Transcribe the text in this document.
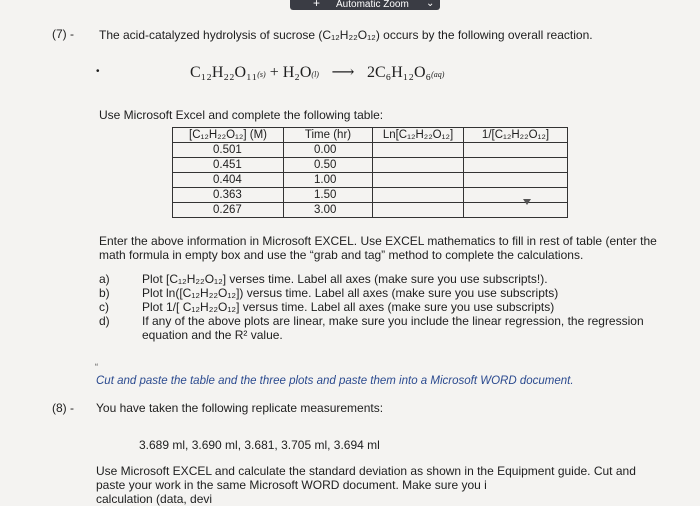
+ Automatic Zoom ⌄
(7) - The acid-catalyzed hydrolysis of sucrose (C₁₂H₂₂O₁₂) occurs by the following overall reaction.
•	C₁₂H₂₂O₁₁(s) + H₂O(l) ⟶ 2C₆H₁₂O₆(aq)
Use Microsoft Excel and complete the following table:
[C₁₂H₂₂O₁₂] (M)	Time (hr)	Ln[C₁₂H₂₂O₁₂]	1/[C₁₂H₂₂O₁₂]
0.501	0.00		
0.451	0.50		
0.404	1.00		
0.363	1.50		
0.267	3.00		
Enter the above information in Microsoft EXCEL. Use EXCEL mathematics to fill in rest of table (enter the
math formula in empty box and use the “grab and tag” method to complete the calculations.
a)	Plot [C₁₂H₂₂O₁₂] verses time. Label all axes (make sure you use subscripts!).
b)	Plot ln([C₁₂H₂₂O₁₂]) versus time. Label all axes (make sure you use subscripts)
c)	Plot 1/[ C₁₂H₂₂O₁₂] versus time. Label all axes (make sure you use subscripts)
d)	If any of the above plots are linear, make sure you include the linear regression, the regression
equation and the R² value.
“
Cut and paste the table and the three plots and paste them into a Microsoft WORD document.
(8) - You have taken the following replicate measurements:
3.689 ml, 3.690 ml, 3.681, 3.705 ml, 3.694 ml
Use Microsoft EXCEL and calculate the standard deviation as shown in the Equipment guide. Cut and
paste your work in the same Microsoft WORD document. Make sure you i
calculation (data, devi
